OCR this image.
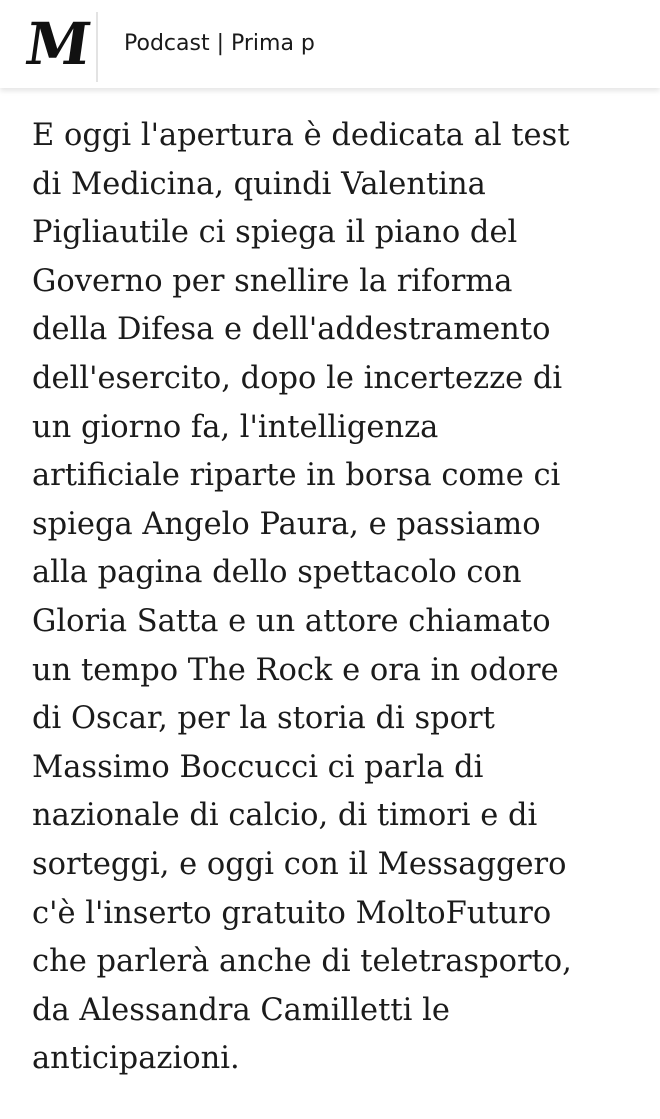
M Podcast | Prima p
E oggi l'apertura è dedicata al test
di Medicina, quindi Valentina
Pigliautile ci spiega il piano del
Governo per snellire la riforma
della Difesa e dell'addestramento
dell'esercito, dopo le incertezze di
un giorno fa, l'intelligenza
artificiale riparte in borsa come ci
spiega Angelo Paura, e passiamo
alla pagina dello spettacolo con
Gloria Satta e un attore chiamato
un tempo The Rock e ora in odore
di Oscar, per la storia di sport
Massimo Boccucci ci parla di
nazionale di calcio, di timori e di
sorteggi, e oggi con il Messaggero
c'è l'inserto gratuito MoltoFuturo
che parlerà anche di teletrasporto,
da Alessandra Camilletti le
anticipazioni.
